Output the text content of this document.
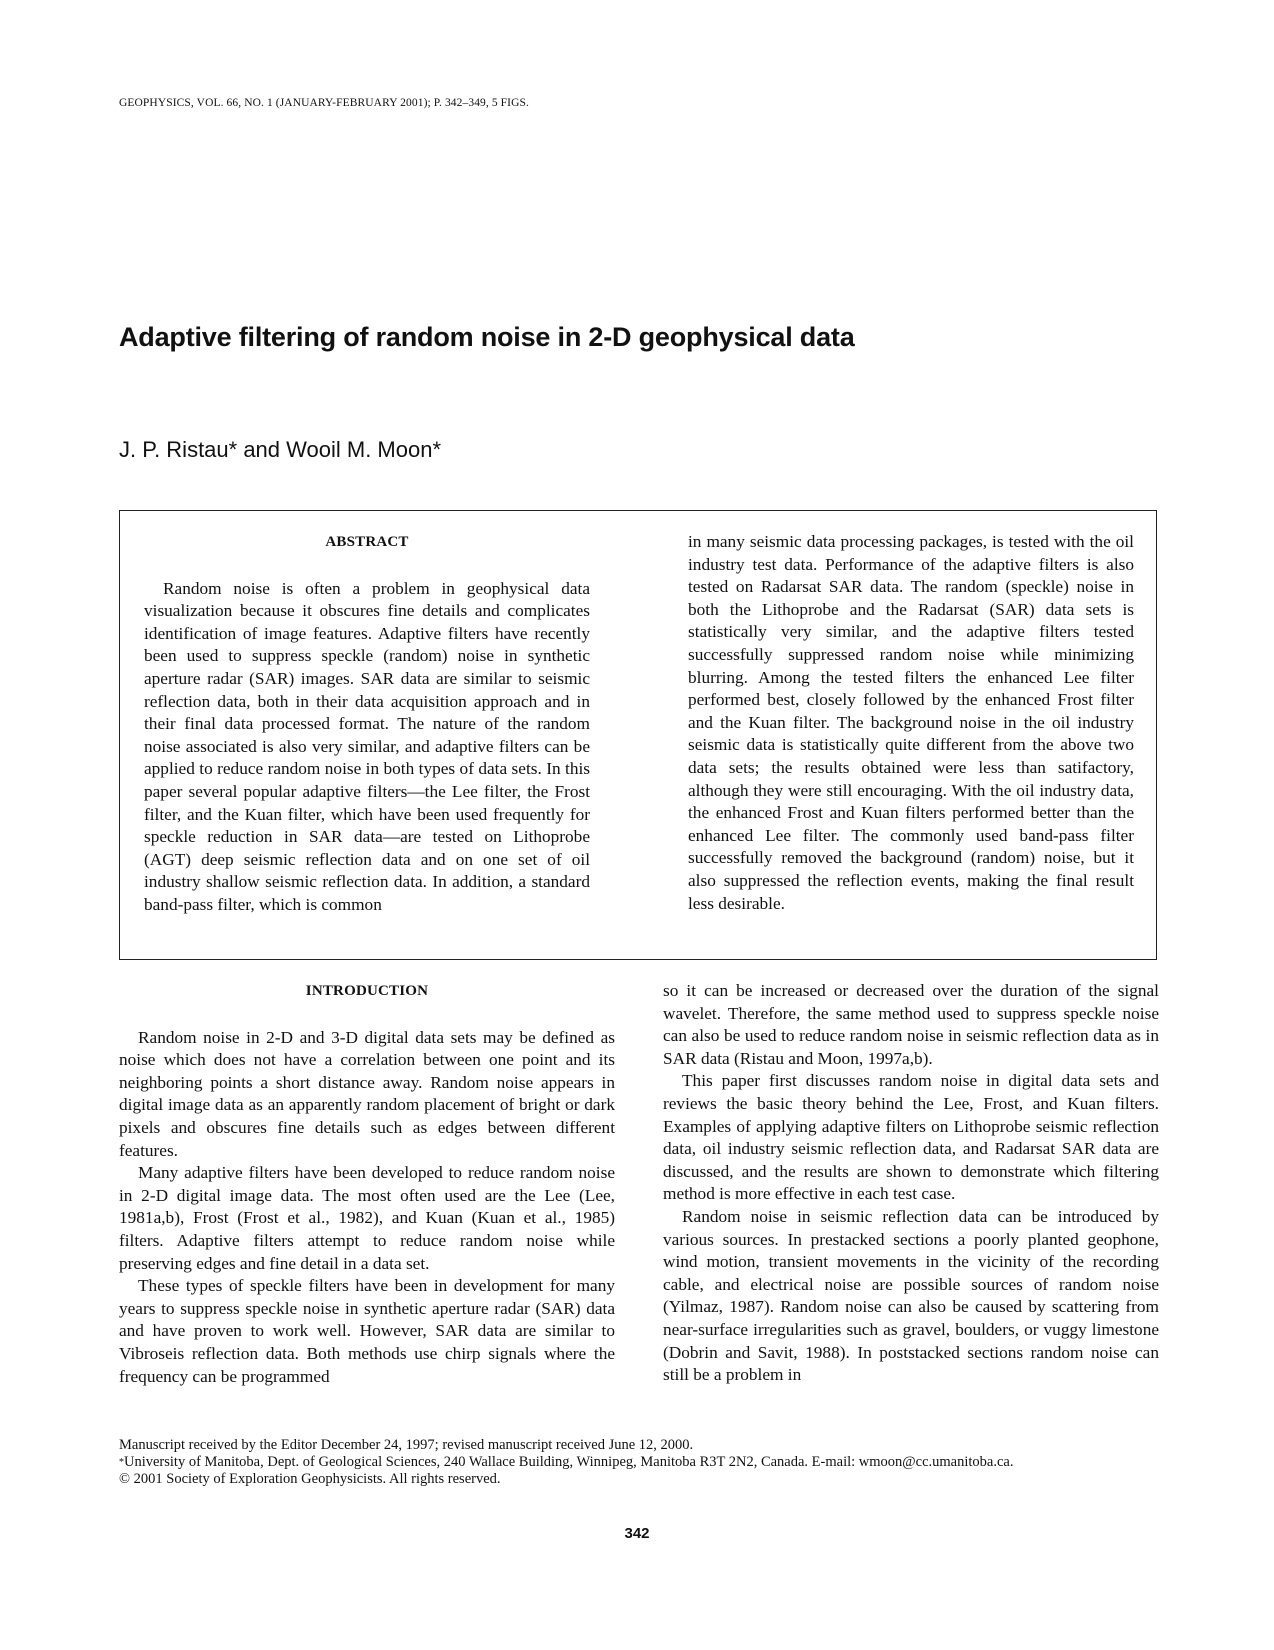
GEOPHYSICS, VOL. 66, NO. 1 (JANUARY-FEBRUARY 2001); P. 342–349, 5 FIGS.
Adaptive filtering of random noise in 2-D geophysical data
J. P. Ristau* and Wooil M. Moon*
ABSTRACT

Random noise is often a problem in geophysical data visualization because it obscures fine details and complicates identification of image features. Adaptive filters have recently been used to suppress speckle (random) noise in synthetic aperture radar (SAR) images. SAR data are similar to seismic reflection data, both in their data acquisition approach and in their final data processed format. The nature of the random noise associated is also very similar, and adaptive filters can be applied to reduce random noise in both types of data sets. In this paper several popular adaptive filters—the Lee filter, the Frost filter, and the Kuan filter, which have been used frequently for speckle reduction in SAR data—are tested on Lithoprobe (AGT) deep seismic reflection data and on one set of oil industry shallow seismic reflection data. In addition, a standard band-pass filter, which is common

in many seismic data processing packages, is tested with the oil industry test data. Performance of the adaptive filters is also tested on Radarsat SAR data. The random (speckle) noise in both the Lithoprobe and the Radarsat (SAR) data sets is statistically very similar, and the adaptive filters tested successfully suppressed random noise while minimizing blurring. Among the tested filters the enhanced Lee filter performed best, closely followed by the enhanced Frost filter and the Kuan filter. The background noise in the oil industry seismic data is statistically quite different from the above two data sets; the results obtained were less than satifactory, although they were still encouraging. With the oil industry data, the enhanced Frost and Kuan filters performed better than the enhanced Lee filter. The commonly used band-pass filter successfully removed the background (random) noise, but it also suppressed the reflection events, making the final result less desirable.

INTRODUCTION

Random noise in 2-D and 3-D digital data sets may be defined as noise which does not have a correlation between one point and its neighboring points a short distance away. Random noise appears in digital image data as an apparently random placement of bright or dark pixels and obscures fine details such as edges between different features.

Many adaptive filters have been developed to reduce random noise in 2-D digital image data. The most often used are the Lee (Lee, 1981a,b), Frost (Frost et al., 1982), and Kuan (Kuan et al., 1985) filters. Adaptive filters attempt to reduce random noise while preserving edges and fine detail in a data set.

These types of speckle filters have been in development for many years to suppress speckle noise in synthetic aperture radar (SAR) data and have proven to work well. However, SAR data are similar to Vibroseis reflection data. Both methods use chirp signals where the frequency can be programmed

so it can be increased or decreased over the duration of the signal wavelet. Therefore, the same method used to suppress speckle noise can also be used to reduce random noise in seismic reflection data as in SAR data (Ristau and Moon, 1997a,b).

This paper first discusses random noise in digital data sets and reviews the basic theory behind the Lee, Frost, and Kuan filters. Examples of applying adaptive filters on Lithoprobe seismic reflection data, oil industry seismic reflection data, and Radarsat SAR data are discussed, and the results are shown to demonstrate which filtering method is more effective in each test case.

Random noise in seismic reflection data can be introduced by various sources. In prestacked sections a poorly planted geophone, wind motion, transient movements in the vicinity of the recording cable, and electrical noise are possible sources of random noise (Yilmaz, 1987). Random noise can also be caused by scattering from near-surface irregularities such as gravel, boulders, or vuggy limestone (Dobrin and Savit, 1988). In poststacked sections random noise can still be a problem in

Manuscript received by the Editor December 24, 1997; revised manuscript received June 12, 2000.
*University of Manitoba, Dept. of Geological Sciences, 240 Wallace Building, Winnipeg, Manitoba R3T 2N2, Canada. E-mail: wmoon@cc.umanitoba.ca.
© 2001 Society of Exploration Geophysicists. All rights reserved.
342
